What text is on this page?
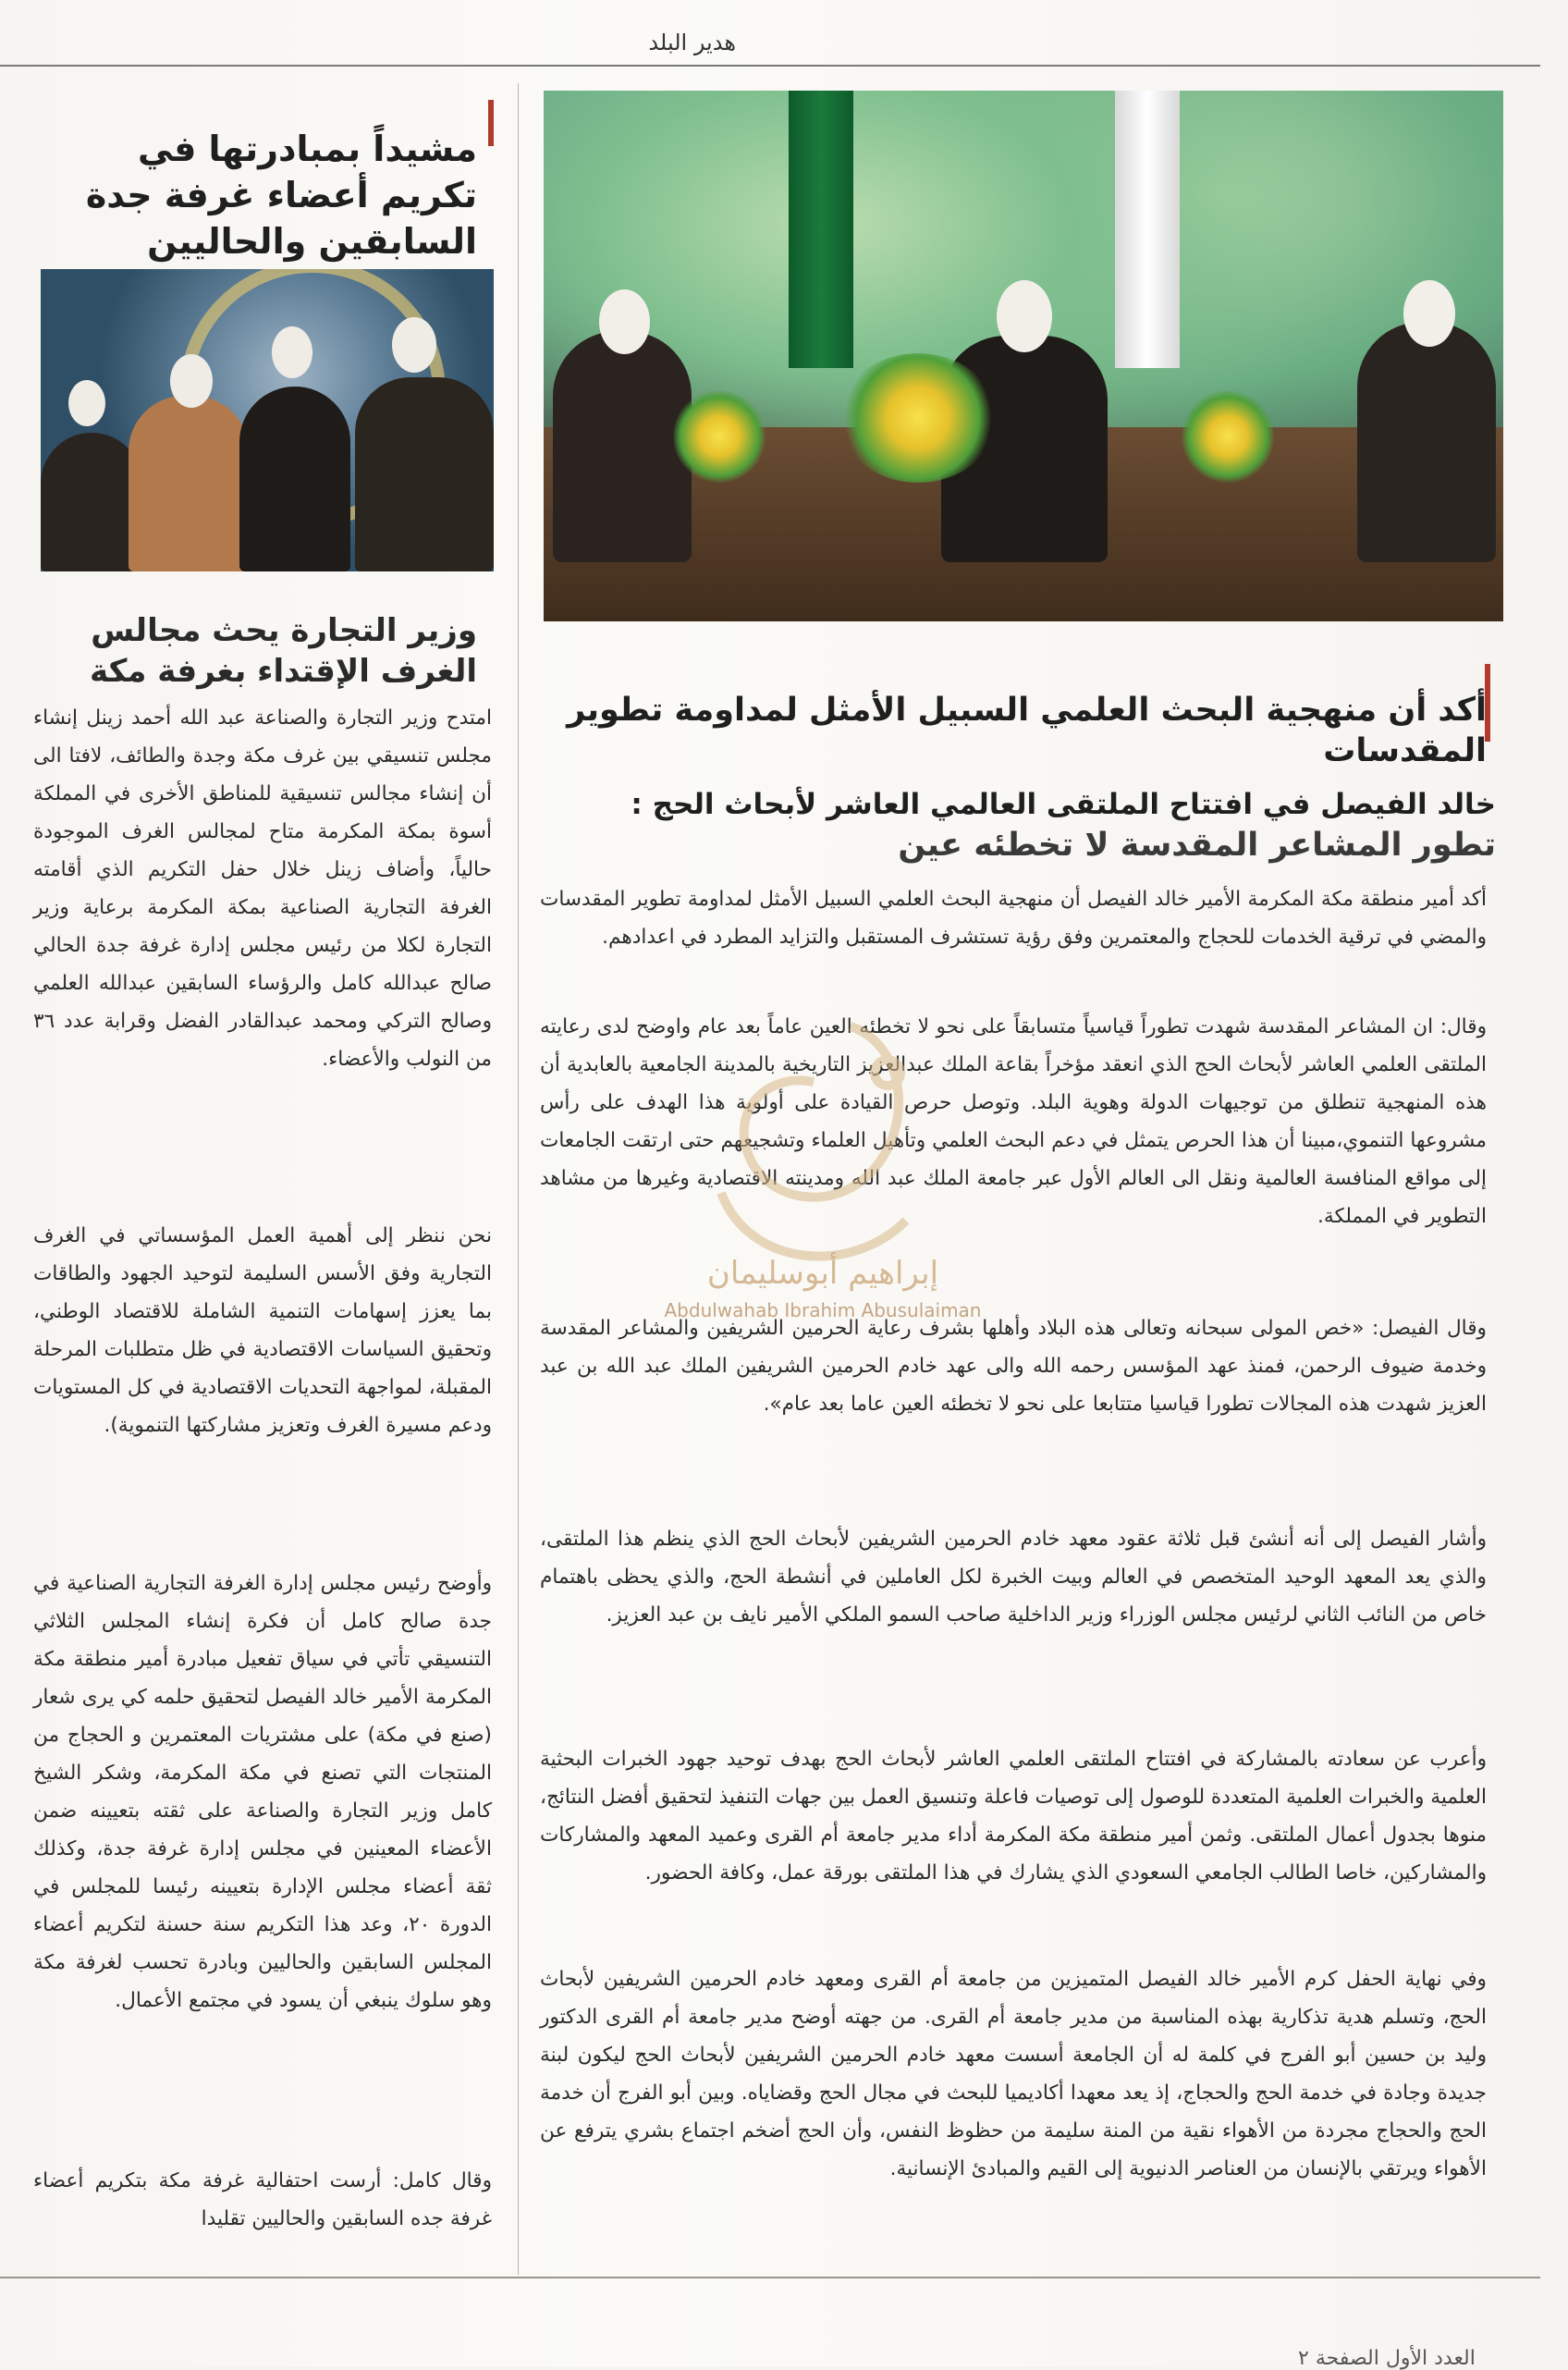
هدير البلد
مشيداً بمبادرتها في تكريم أعضاء غرفة جدة السابقين والحاليين
وزير التجارة يحث مجالس الغرف الإقتداء بغرفة مكة

امتدح وزير التجارة والصناعة عبد الله أحمد زينل إنشاء مجلس تنسيقي بين غرف مكة وجدة والطائف، لافتا الى أن إنشاء مجالس تنسيقية للمناطق الأخرى في المملكة أسوة بمكة المكرمة متاح لمجالس الغرف الموجودة حالياً، وأضاف زينل خلال حفل التكريم الذي أقامته الغرفة التجارية الصناعية بمكة المكرمة برعاية وزير التجارة لكلا من رئيس مجلس إدارة غرفة جدة الحالي صالح عبدالله كامل والرؤساء السابقين عبدالله العلمي وصالح التركي ومحمد عبدالقادر الفضل وقرابة عدد ٣٦ من النولب والأعضاء.

نحن ننظر إلى أهمية العمل المؤسساتي في الغرف التجارية وفق الأسس السليمة لتوحيد الجهود والطاقات بما يعزز إسهامات التنمية الشاملة للاقتصاد الوطني، وتحقيق السياسات الاقتصادية في ظل متطلبات المرحلة المقبلة، لمواجهة التحديات الاقتصادية في كل المستويات ودعم مسيرة الغرف وتعزيز مشاركتها التنموية).

وأوضح رئيس مجلس إدارة الغرفة التجارية الصناعية في جدة صالح كامل أن فكرة إنشاء المجلس الثلاثي التنسيقي تأتي في سياق تفعيل مبادرة أمير منطقة مكة المكرمة الأمير خالد الفيصل لتحقيق حلمه كي يرى شعار (صنع في مكة) على مشتريات المعتمرين و الحجاج من المنتجات التي تصنع في مكة المكرمة، وشكر الشيخ كامل وزير التجارة والصناعة على ثقته بتعيينه ضمن الأعضاء المعينين في مجلس إدارة غرفة جدة، وكذلك ثقة أعضاء مجلس الإدارة بتعيينه رئيسا للمجلس في الدورة ٢٠، وعد هذا التكريم سنة حسنة لتكريم أعضاء المجلس السابقين والحاليين وبادرة تحسب لغرفة مكة وهو سلوك ينبغي أن يسود في مجتمع الأعمال.

وقال كامل: أرست احتفالية غرفة مكة بتكريم أعضاء غرفة جده السابقين والحاليين تقليدا

أكد أن منهجية البحث العلمي السبيل الأمثل لمداومة تطوير المقدسات
خالد الفيصل في افتتاح الملتقى العالمي العاشر لأبحاث الحج :
تطور المشاعر المقدسة لا تخطئه عين

أكد أمير منطقة مكة المكرمة الأمير خالد الفيصل أن منهجية البحث العلمي السبيل الأمثل لمداومة تطوير المقدسات والمضي في ترقية الخدمات للحجاج والمعتمرين وفق رؤية تستشرف المستقبل والتزايد المطرد في اعدادهم.

وقال: ان المشاعر المقدسة شهدت تطوراً قياسياً متسابقاً على نحو لا تخطئه العين عاماً بعد عام واوضح لدى رعايته الملتقى العلمي العاشر لأبحاث الحج الذي انعقد مؤخراً بقاعة الملك عبدالعزيز التاريخية بالمدينة الجامعية بالعابدية أن هذه المنهجية تنطلق من توجيهات الدولة وهوية البلد. وتوصل حرص القيادة على أولوية هذا الهدف على رأس مشروعها التنموي،مبينا أن هذا الحرص يتمثل في دعم البحث العلمي وتأهيل العلماء وتشجيعهم حتى ارتقت الجامعات إلى مواقع المنافسة العالمية ونقل الى العالم الأول عبر جامعة الملك عبد الله ومدينته الاقتصادية وغيرها من مشاهد التطوير في المملكة.

وقال الفيصل: «خص المولى سبحانه وتعالى هذه البلاد وأهلها بشرف رعاية الحرمين الشريفين والمشاعر المقدسة وخدمة ضيوف الرحمن، فمنذ عهد المؤسس رحمه الله والى عهد خادم الحرمين الشريفين الملك عبد الله بن عبد العزيز شهدت هذه المجالات تطورا قياسيا متتابعا على نحو لا تخطئه العين عاما بعد عام».

وأشار الفيصل إلى أنه أنشئ قبل ثلاثة عقود معهد خادم الحرمين الشريفين لأبحاث الحج الذي ينظم هذا الملتقى، والذي يعد المعهد الوحيد المتخصص في العالم وبيت الخبرة لكل العاملين في أنشطة الحج، والذي يحظى باهتمام خاص من النائب الثاني لرئيس مجلس الوزراء وزير الداخلية صاحب السمو الملكي الأمير نايف بن عبد العزيز.

وأعرب عن سعادته بالمشاركة في افتتاح الملتقى العلمي العاشر لأبحاث الحج بهدف توحيد جهود الخبرات البحثية العلمية والخبرات العلمية المتعددة للوصول إلى توصيات فاعلة وتنسيق العمل بين جهات التنفيذ لتحقيق أفضل النتائج، منوها بجدول أعمال الملتقى. وثمن أمير منطقة مكة المكرمة أداء مدير جامعة أم القرى وعميد المعهد والمشاركات والمشاركين، خاصا الطالب الجامعي السعودي الذي يشارك في هذا الملتقى بورقة عمل، وكافة الحضور.

وفي نهاية الحفل كرم الأمير خالد الفيصل المتميزين من جامعة أم القرى ومعهد خادم الحرمين الشريفين لأبحاث الحج، وتسلم هدية تذكارية بهذه المناسبة من مدير جامعة أم القرى. من جهته أوضح مدير جامعة أم القرى الدكتور وليد بن حسين أبو الفرج في كلمة له أن الجامعة أسست معهد خادم الحرمين الشريفين لأبحاث الحج ليكون لبنة جديدة وجادة في خدمة الحج والحجاج، إذ يعد معهدا أكاديميا للبحث في مجال الحج وقضاياه. وبين أبو الفرج أن خدمة الحج والحجاج مجردة من الأهواء نقية من المنة سليمة من حظوظ النفس، وأن الحج أضخم اجتماع بشري يترفع عن الأهواء ويرتقي بالإنسان من العناصر الدنيوية إلى القيم والمبادئ الإنسانية.

إبراهيم أبوسليمان
Abdulwahab Ibrahim Abusulaiman
العدد الأول الصفحة ٢
